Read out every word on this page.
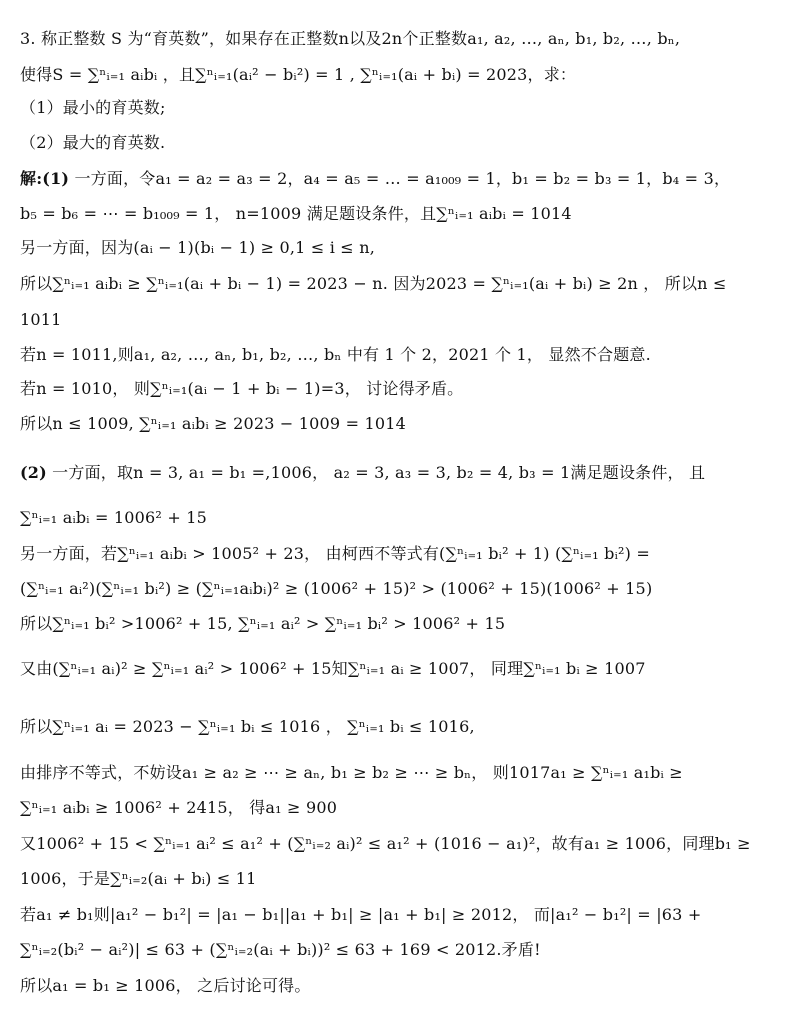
3. 称正整数 S 为“育英数”，如果存在正整数n以及2n个正整数a₁, a₂, …, aₙ, b₁, b₂, …, bₙ,
使得S = ∑ⁿᵢ₌₁ aᵢbᵢ ，且∑ⁿᵢ₌₁(aᵢ² − bᵢ²) = 1 , ∑ⁿᵢ₌₁(aᵢ + bᵢ) = 2023，求：
（1）最小的育英数;
（2）最大的育英数.
解:(1) 一方面，令a₁ = a₂ = a₃ = 2，a₄ = a₅ = … = a₁₀₀₉ = 1，b₁ = b₂ = b₃ = 1，b₄ = 3，
b₅ = b₆ = ⋯ = b₁₀₀₉ = 1， n=1009 满足题设条件，且∑ⁿᵢ₌₁ aᵢbᵢ = 1014
另一方面，因为(aᵢ − 1)(bᵢ − 1) ≥ 0,1 ≤ i ≤ n,
所以∑ⁿᵢ₌₁ aᵢbᵢ ≥ ∑ⁿᵢ₌₁(aᵢ + bᵢ − 1) = 2023 − n. 因为2023 = ∑ⁿᵢ₌₁(aᵢ + bᵢ) ≥ 2n ， 所以n ≤
1011
若n = 1011,则a₁, a₂, …, aₙ, b₁, b₂, …, bₙ 中有 1 个 2，2021 个 1， 显然不合题意.
若n = 1010， 则∑ⁿᵢ₌₁(aᵢ − 1 + bᵢ − 1)=3， 讨论得矛盾。
所以n ≤ 1009, ∑ⁿᵢ₌₁ aᵢbᵢ ≥ 2023 − 1009 = 1014
(2) 一方面，取n = 3, a₁ = b₁ =,1006， a₂ = 3, a₃ = 3, b₂ = 4, b₃ = 1满足题设条件， 且
∑ⁿᵢ₌₁ aᵢbᵢ = 1006² + 15
另一方面，若∑ⁿᵢ₌₁ aᵢbᵢ > 1005² + 23， 由柯西不等式有(∑ⁿᵢ₌₁ bᵢ² + 1) (∑ⁿᵢ₌₁ bᵢ²) =
(∑ⁿᵢ₌₁ aᵢ²)(∑ⁿᵢ₌₁ bᵢ²) ≥ (∑ⁿᵢ₌₁aᵢbᵢ)² ≥ (1006² + 15)² > (1006² + 15)(1006² + 15)
所以∑ⁿᵢ₌₁ bᵢ² >1006² + 15, ∑ⁿᵢ₌₁ aᵢ² > ∑ⁿᵢ₌₁ bᵢ² > 1006² + 15
又由(∑ⁿᵢ₌₁ aᵢ)² ≥ ∑ⁿᵢ₌₁ aᵢ² > 1006² + 15知∑ⁿᵢ₌₁ aᵢ ≥ 1007， 同理∑ⁿᵢ₌₁ bᵢ ≥ 1007
所以∑ⁿᵢ₌₁ aᵢ = 2023 − ∑ⁿᵢ₌₁ bᵢ ≤ 1016 ， ∑ⁿᵢ₌₁ bᵢ ≤ 1016,
由排序不等式，不妨设a₁ ≥ a₂ ≥ ⋯ ≥ aₙ, b₁ ≥ b₂ ≥ ⋯ ≥ bₙ， 则1017a₁ ≥ ∑ⁿᵢ₌₁ a₁bᵢ ≥
∑ⁿᵢ₌₁ aᵢbᵢ ≥ 1006² + 2415， 得a₁ ≥ 900
又1006² + 15 < ∑ⁿᵢ₌₁ aᵢ² ≤ a₁² + (∑ⁿᵢ₌₂ aᵢ)² ≤ a₁² + (1016 − a₁)²，故有a₁ ≥ 1006，同理b₁ ≥
1006，于是∑ⁿᵢ₌₂(aᵢ + bᵢ) ≤ 11
若a₁ ≠ b₁则|a₁² − b₁²| = |a₁ − b₁||a₁ + b₁| ≥ |a₁ + b₁| ≥ 2012， 而|a₁² − b₁²| = |63 +
∑ⁿᵢ₌₂(bᵢ² − aᵢ²)| ≤ 63 + (∑ⁿᵢ₌₂(aᵢ + bᵢ))² ≤ 63 + 169 < 2012.矛盾!
所以a₁ = b₁ ≥ 1006， 之后讨论可得。
